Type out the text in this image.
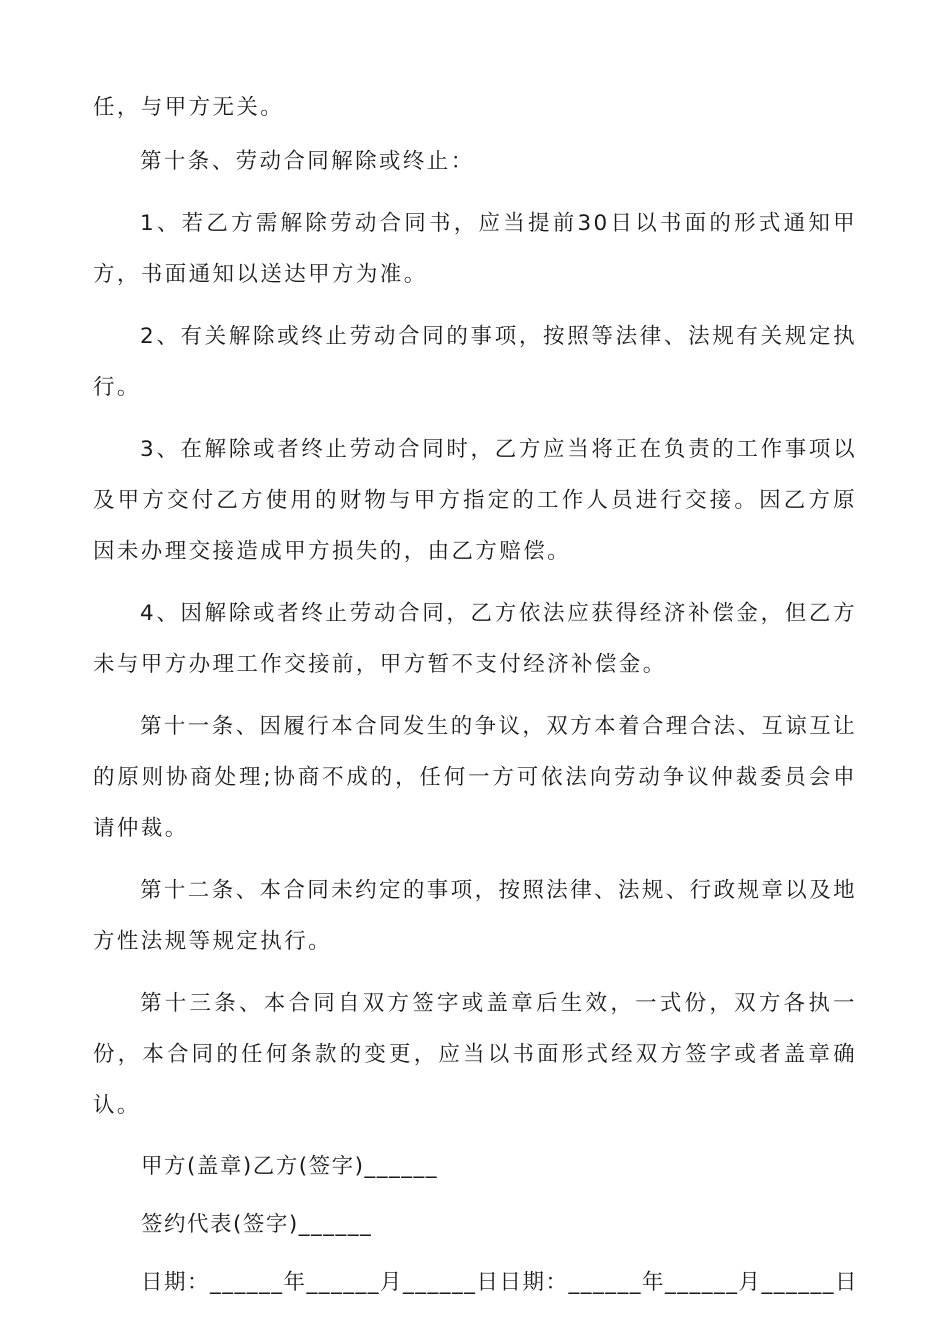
任，与甲方无关。

第十条、劳动合同解除或终止：

1、若乙方需解除劳动合同书，应当提前30日以书面的形式通知甲方，书面通知以送达甲方为准。

2、有关解除或终止劳动合同的事项，按照等法律、法规有关规定执行。

3、在解除或者终止劳动合同时，乙方应当将正在负责的工作事项以及甲方交付乙方使用的财物与甲方指定的工作人员进行交接。因乙方原因未办理交接造成甲方损失的，由乙方赔偿。

4、因解除或者终止劳动合同，乙方依法应获得经济补偿金，但乙方未与甲方办理工作交接前，甲方暂不支付经济补偿金。

第十一条、因履行本合同发生的争议，双方本着合理合法、互谅互让的原则协商处理;协商不成的，任何一方可依法向劳动争议仲裁委员会申请仲裁。

第十二条、本合同未约定的事项，按照法律、法规、行政规章以及地方性法规等规定执行。

第十三条、本合同自双方签字或盖章后生效，一式份，双方各执一份，本合同的任何条款的变更，应当以书面形式经双方签字或者盖章确认。

甲方(盖章)乙方(签字)______
签约代表(签字)______
日期：______年______月______日日期：______年______月______日
